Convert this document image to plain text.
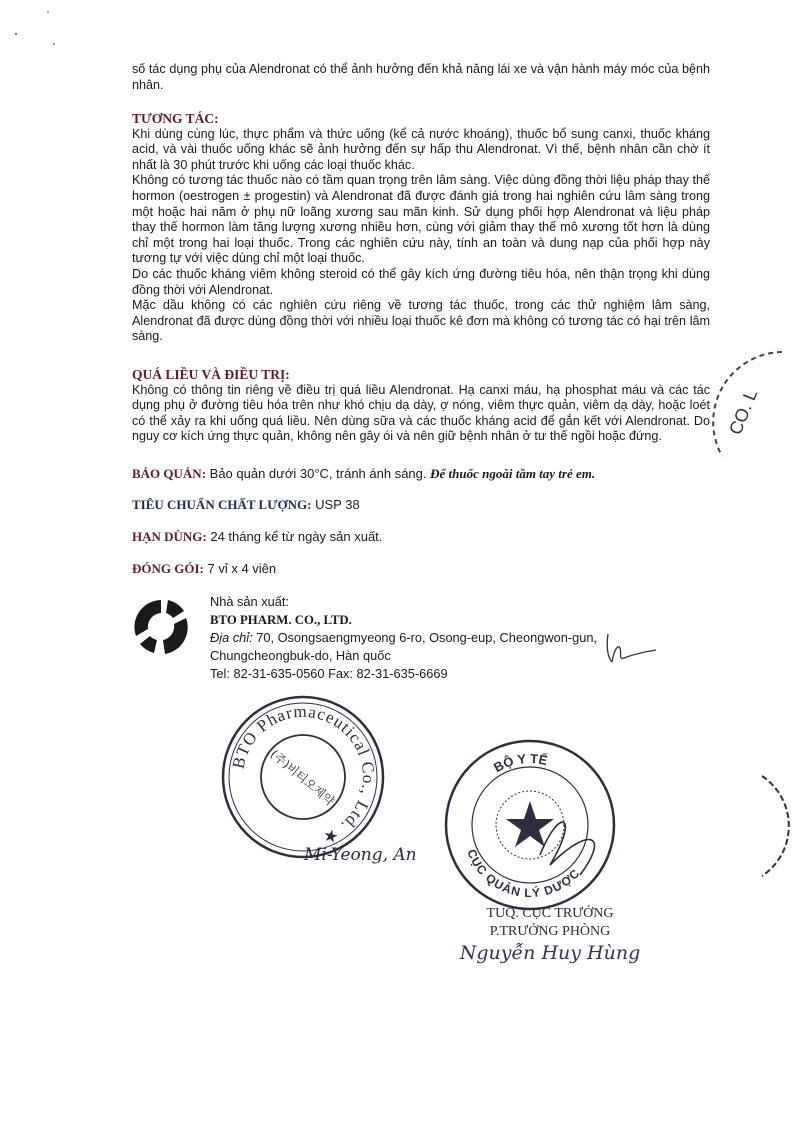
số tác dụng phụ của Alendronat có thể ảnh hưởng đến khả năng lái xe và vận hành máy móc của bệnh nhân.

TƯƠNG TÁC:

Khi dùng cùng lúc, thực phẩm và thức uống (kể cả nước khoáng), thuốc bổ sung canxi, thuốc kháng acid, và vài thuốc uống khác sẽ ảnh hưởng đến sự hấp thu Alendronat. Vì thế, bệnh nhân cần chờ ít nhất là 30 phút trước khi uống các loại thuốc khác.

Không có tương tác thuốc nào có tầm quan trọng trên lâm sàng. Việc dùng đồng thời liệu pháp thay thế hormon (oestrogen ± progestin) và Alendronat đã được đánh giá trong hai nghiên cứu lâm sàng trong một hoặc hai năm ở phụ nữ loãng xương sau mãn kinh. Sử dụng phối hợp Alendronat và liệu pháp thay thế hormon làm tăng lượng xương nhiều hơn, cùng với giảm thay thế mô xương tốt hơn là dùng chỉ một trong hai loại thuốc. Trong các nghiên cứu này, tính an toàn và dung nạp của phối hợp này tương tự với việc dùng chỉ một loại thuốc.

Do các thuốc kháng viêm không steroid có thể gây kích ứng đường tiêu hóa, nên thận trọng khi dùng đồng thời với Alendronat.

Mặc dầu không có các nghiên cứu riêng về tương tác thuốc, trong các thử nghiệm lâm sàng, Alendronat đã được dùng đồng thời với nhiều loại thuốc kê đơn mà không có tương tác có hại trên lâm sàng.

QUÁ LIỀU VÀ ĐIỀU TRỊ:

Không có thông tin riêng về điều trị quá liều Alendronat. Hạ canxi máu, hạ phosphat máu và các tác dụng phụ ở đường tiêu hóa trên như khó chịu dạ dày, ợ nóng, viêm thực quản, viêm dạ dày, hoặc loét có thể xảy ra khi uống quá liều. Nên dùng sữa và các thuốc kháng acid để gắn kết với Alendronat. Do nguy cơ kích ứng thực quản, không nên gây ói và nên giữ bệnh nhân ở tư thế ngồi hoặc đứng.

BẢO QUẢN: Bảo quản dưới 30°C, tránh ánh sáng. Để thuốc ngoài tầm tay trẻ em.
TIÊU CHUẨN CHẤT LƯỢNG: USP 38
HẠN DÙNG: 24 tháng kể từ ngày sản xuất.
ĐÓNG GÓI: 7 vỉ x 4 viên
Nhà sản xuất:
BTO PHARM. CO., LTD.
Địa chỉ: 70, Osongsaengmyeong 6-ro, Osong-eup, Cheongwon-gun,
Chungcheongbuk-do, Hàn quốc
Tel: 82-31-635-0560 Fax: 82-31-635-6669
CO. L
BTO Pharmaceutical Co., Ltd. ★
(주)비티오제약
Mi-Yeong, An
BỘ Y TẾ
CỤC QUẢN LÝ DƯỢC
TUQ. CỤC TRƯỞNG
P.TRƯỞNG PHÒNG
Nguyễn Huy Hùng
